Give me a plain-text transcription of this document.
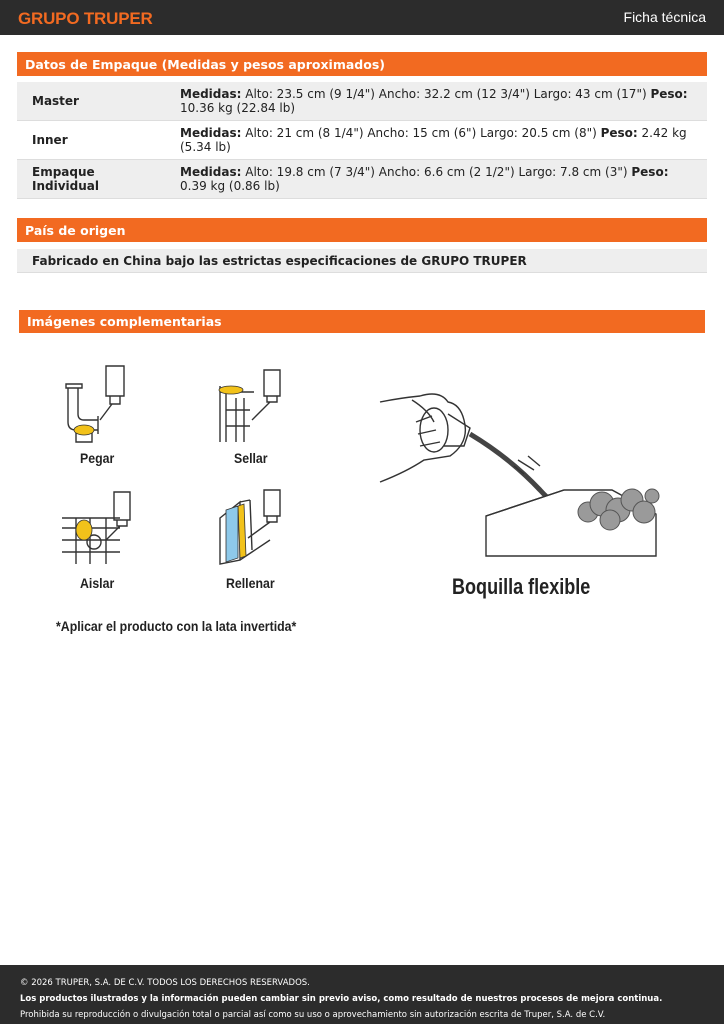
GRUPO TRUPER	Ficha técnica
Datos de Empaque (Medidas y pesos aproximados)
Master	Medidas: Alto: 23.5 cm (9 1/4") Ancho: 32.2 cm (12 3/4") Largo: 43 cm (17") Peso: 10.36 kg (22.84 lb)
Inner	Medidas: Alto: 21 cm (8 1/4") Ancho: 15 cm (6") Largo: 20.5 cm (8") Peso: 2.42 kg (5.34 lb)
Empaque Individual	Medidas: Alto: 19.8 cm (7 3/4") Ancho: 6.6 cm (2 1/2") Largo: 7.8 cm (3") Peso: 0.39 kg (0.86 lb)
País de origen
Fabricado en China bajo las estrictas especificaciones de GRUPO TRUPER
Imágenes complementarias
Pegar	Sellar
Aislar	Rellenar
*Aplicar el producto con la lata invertida*
Boquilla flexible
© 2026 TRUPER, S.A. DE C.V. TODOS LOS DERECHOS RESERVADOS.
Los productos ilustrados y la información pueden cambiar sin previo aviso, como resultado de nuestros procesos de mejora continua.
Prohibida su reproducción o divulgación total o parcial así como su uso o aprovechamiento sin autorización escrita de Truper, S.A. de C.V.
